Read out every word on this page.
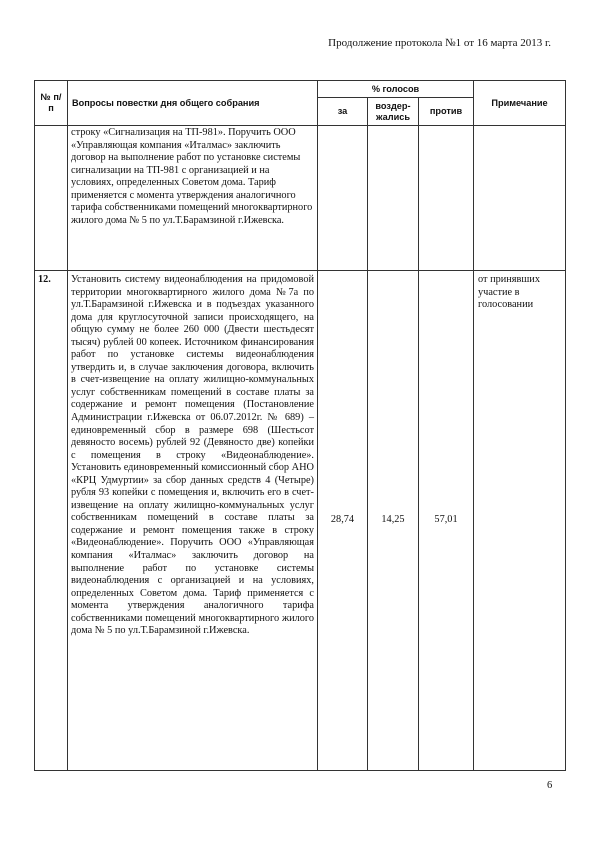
Продолжение протокола №1 от 16 марта 2013 г.
№ п/п	Вопросы повестки дня общего собрания	% голосов			Примечание
		за	воздер-жались	против	
	строку «Сигнализация на ТП-981». Поручить ООО «Управляющая компания «Италмас» заключить договор на выполнение работ по установке системы сигнализации на ТП-981 с организацией и на условиях, определенных Советом дома. Тариф применяется с момента утверждения аналогичного тарифа собственниками помещений многоквартирного жилого дома № 5 по ул.Т.Барамзиной г.Ижевска.				
12.	Установить систему видеонаблюдения на придомовой территории многоквартирного жилого дома №7а по ул.Т.Барамзиной г.Ижевска и в подъездах указанного дома для круглосуточной записи происходящего, на общую сумму не более 260 000 (Двести шестьдесят тысяч) рублей 00 копеек. Источником финансирования работ по установке системы видеонаблюдения утвердить и, в случае заключения договора, включить в счет-извещение на оплату жилищно-коммунальных услуг собственникам помещений в составе платы за содержание и ремонт помещения (Постановление Администрации г.Ижевска от 06.07.2012г. № 689) – единовременный сбор в размере 698 (Шестьсот девяносто восемь) рублей 92 (Девяносто две) копейки с помещения в строку «Видеонаблюдение». Установить единовременный комиссионный сбор АНО «КРЦ Удмуртии» за сбор данных средств 4 (Четыре) рубля 93 копейки с помещения и, включить его в счет-извещение на оплату жилищно-коммунальных услуг собственникам помещений в составе платы за содержание и ремонт помещения также в строку «Видеонаблюдение». Поручить ООО «Управляющая компания «Италмас» заключить договор на выполнение работ по установке системы видеонаблюдения с организацией и на условиях, определенных Советом дома. Тариф применяется с момента утверждения аналогичного тарифа собственниками помещений многоквартирного жилого дома № 5 по ул.Т.Барамзиной г.Ижевска.	28,74	14,25	57,01	от принявших участие в голосовании
6
